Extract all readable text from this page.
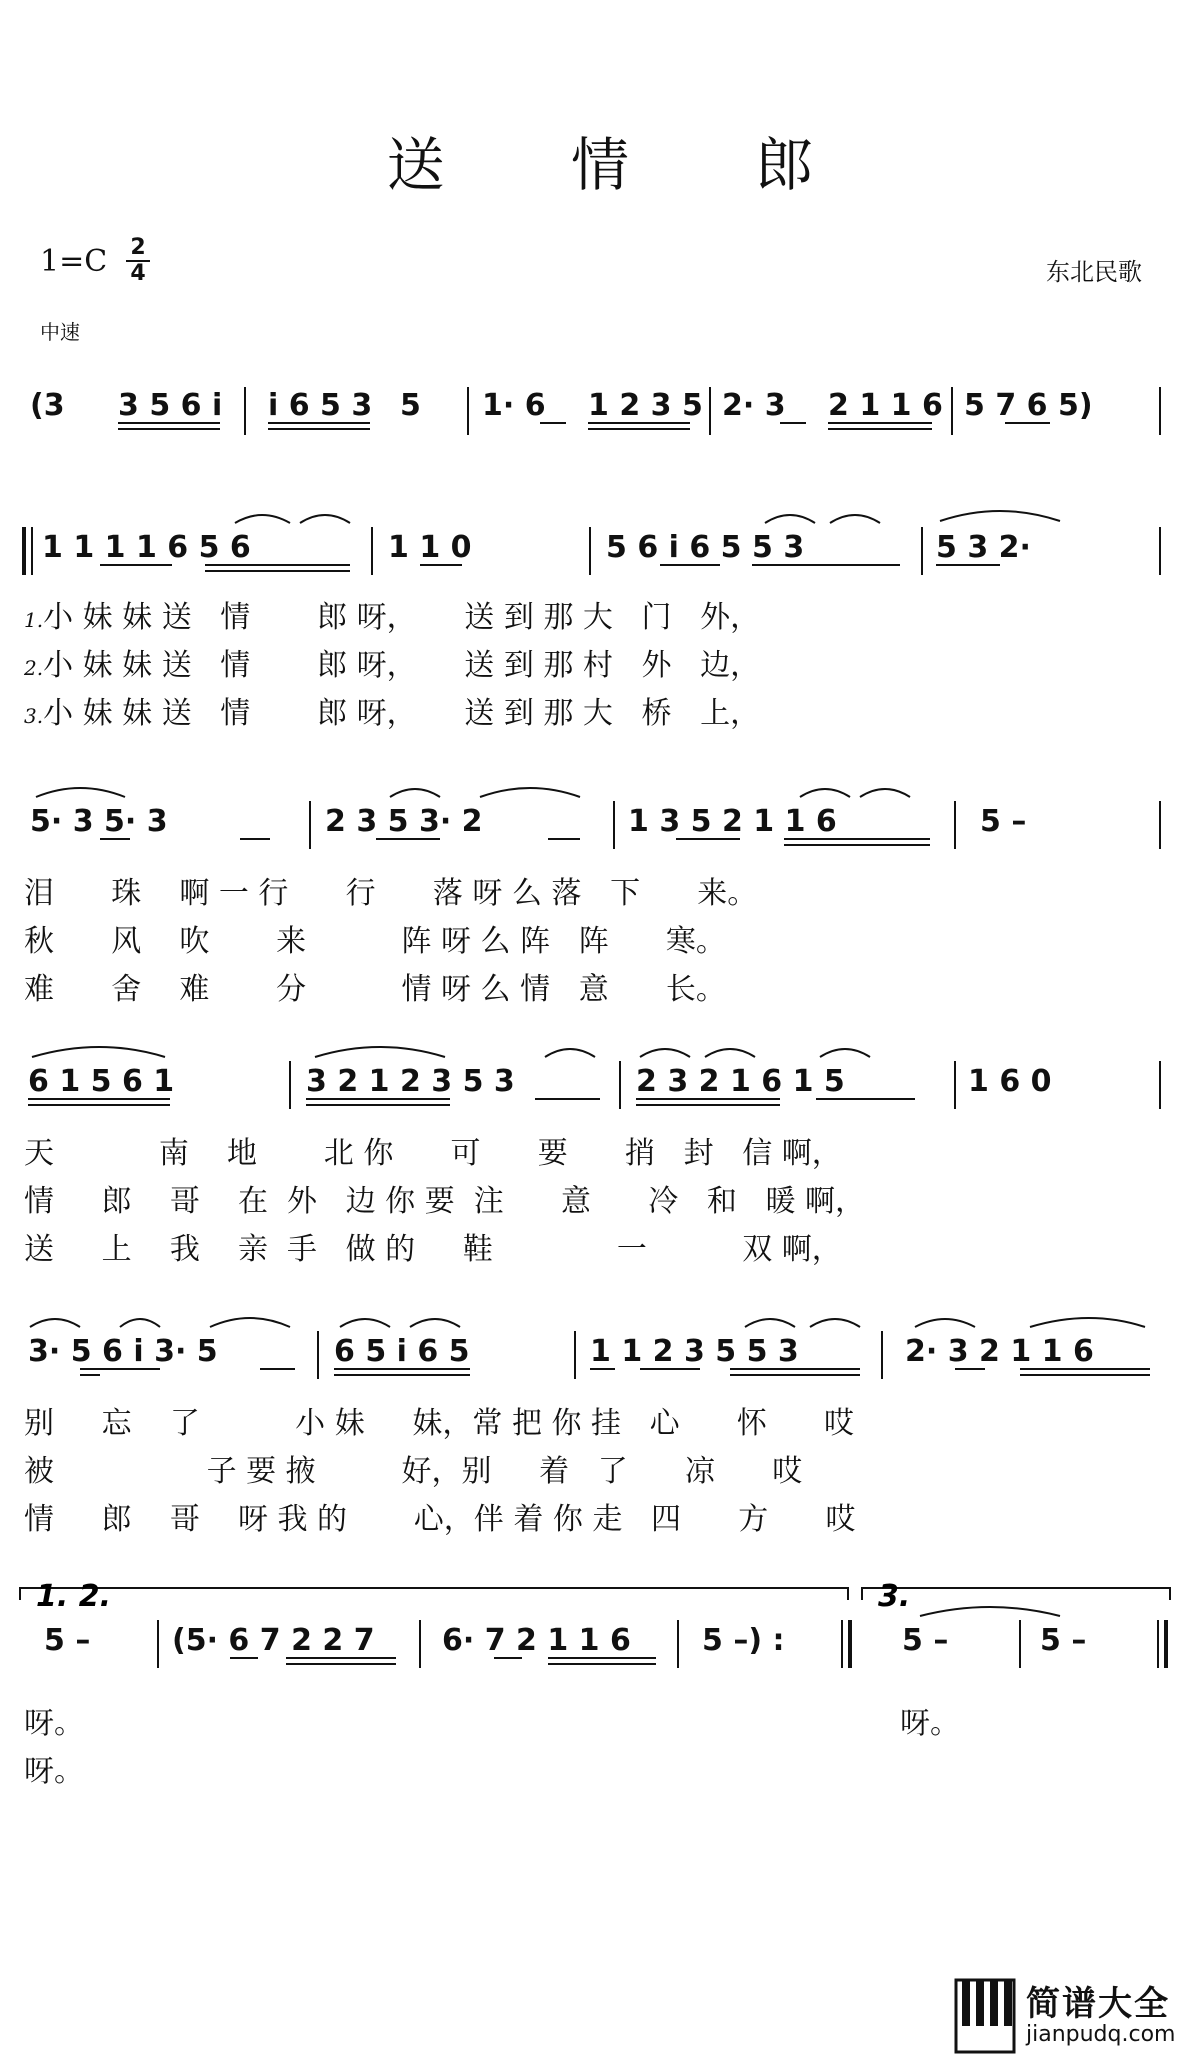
送 情 郎
1=C 2
4	东北民歌
中速
(3 3 5 6 i i 6 5 3 5 1· 6 1 2 3 5 2· 3 2 1 1 6 5 7 6 5)
1 1 1 1 6 5 6	1 1 0	5 6 i 6 5 5 3	5 3 2·
1.小 妹 妹 送   情       郎 呀，     送 到 那 大   门   外，
2.小 妹 妹 送   情       郎 呀，     送 到 那 村   外   边，
3.小 妹 妹 送   情       郎 呀，     送 到 那 大   桥   上，
5· 3 5· 3	2 3 5 3· 2	1 3 5 2 1 1 6	5 –
泪      珠    啊 一 行      行      落 呀 么 落   下      来。
秋      风    吹       来          阵 呀 么 阵   阵      寒。
难      舍    难       分          情 呀 么 情   意      长。
6 1 5 6 1	3 2 1 2 3 5 3	2 3 2 1 6 1 5	1 6 0
天           南    地       北 你      可      要      捎   封   信 啊，
情     郎    哥    在  外   边 你 要  注      意      冷   和   暖 啊，
送     上    我    亲  手   做 的     鞋             一          双 啊，
3· 5 6 i 3· 5	6 5 i 6 5	1 1 2 3 5 5 3	2· 3 2 1 1 6
别     忘    了          小 妹     妹，常 把 你 挂   心      怀      哎
被                子 要 掖         好，别     着   了      凉      哎
情     郎    哥    呀 我 的       心，伴 着 你 走   四      方      哎
5 –	(5· 6 7 2 2 7 6· 7 2 1 1 6 5 –) :	5 –	5 –
1. 2.	3.
呀。	呀。
呀。
简谱大全
jianpudq.com
